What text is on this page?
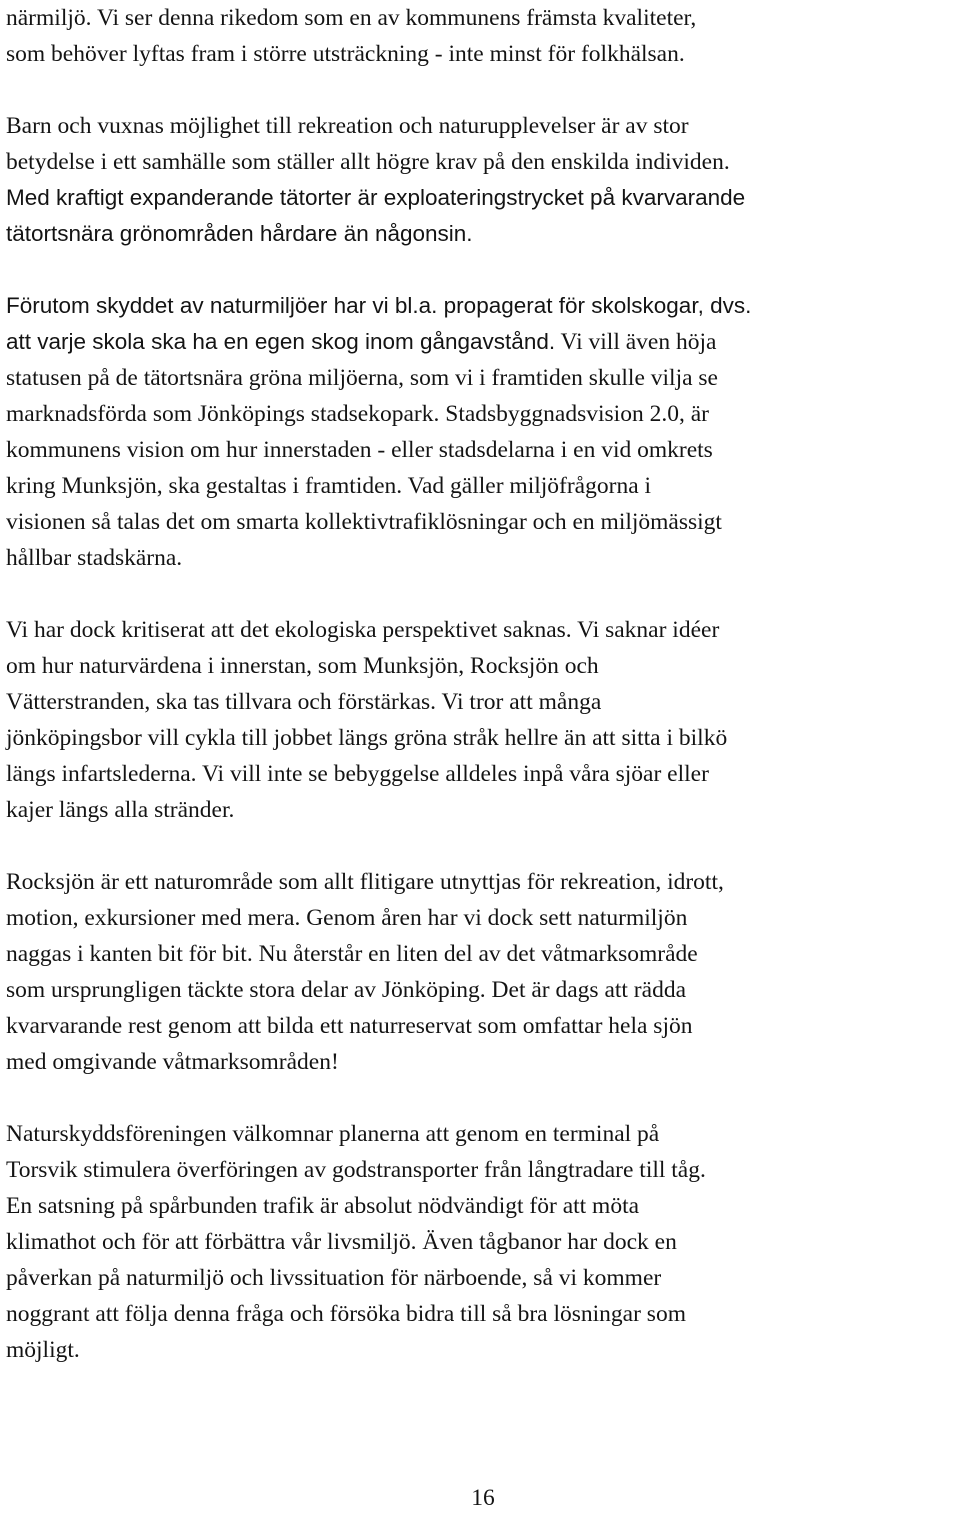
närmiljö. Vi ser denna rikedom som en av kommunens främsta kvaliteter,
som behöver lyftas fram i större utsträckning - inte minst för folkhälsan.
Barn och vuxnas möjlighet till rekreation och naturupplevelser är av stor
betydelse i ett samhälle som ställer allt högre krav på den enskilda individen.
Med kraftigt expanderande tätorter är exploateringstrycket på kvarvarande
tätortsnära grönområden hårdare än någonsin.
Förutom skyddet av naturmiljöer har vi bl.a. propagerat för skolskogar, dvs.
att varje skola ska ha en egen skog inom gångavstånd. Vi vill även höja
statusen på de tätortsnära gröna miljöerna, som vi i framtiden skulle vilja se
marknadsförda som Jönköpings stadsekopark. Stadsbyggnadsvision 2.0, är
kommunens vision om hur innerstaden - eller stadsdelarna i en vid omkrets
kring Munksjön, ska gestaltas i framtiden. Vad gäller miljöfrågorna i
visionen så talas det om smarta kollektivtrafiklösningar och en miljömässigt
hållbar stadskärna.
Vi har dock kritiserat att det ekologiska perspektivet saknas. Vi saknar idéer
om hur naturvärdena i innerstan, som Munksjön, Rocksjön och
Vätterstranden, ska tas tillvara och förstärkas. Vi tror att många
jönköpingsbor vill cykla till jobbet längs gröna stråk hellre än att sitta i bilkö
längs infartslederna. Vi vill inte se bebyggelse alldeles inpå våra sjöar eller
kajer längs alla stränder.
Rocksjön är ett naturområde som allt flitigare utnyttjas för rekreation, idrott,
motion, exkursioner med mera. Genom åren har vi dock sett naturmiljön
naggas i kanten bit för bit. Nu återstår en liten del av det våtmarksområde
som ursprungligen täckte stora delar av Jönköping. Det är dags att rädda
kvarvarande rest genom att bilda ett naturreservat som omfattar hela sjön
med omgivande våtmarksområden!
Naturskyddsföreningen välkomnar planerna att genom en terminal på
Torsvik stimulera överföringen av godstransporter från långtradare till tåg.
En satsning på spårbunden trafik är absolut nödvändigt för att möta
klimathot och för att förbättra vår livsmiljö. Även tågbanor har dock en
påverkan på naturmiljö och livssituation för närboende, så vi kommer
noggrant att följa denna fråga och försöka bidra till så bra lösningar som
möjligt.
16
